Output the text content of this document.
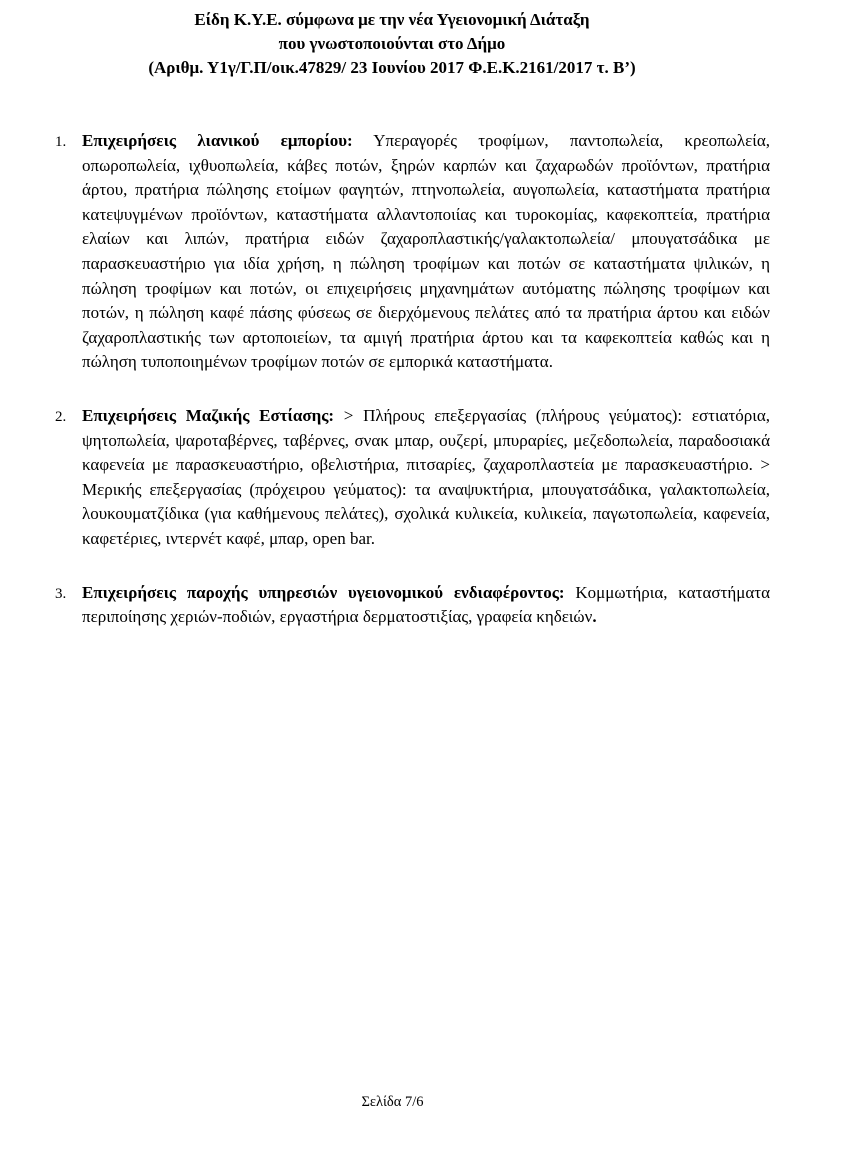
Είδη Κ.Υ.Ε. σύμφωνα με την νέα Υγειονομική Διάταξη
που γνωστοποιούνται στο Δήμο
(Αριθμ. Υ1γ/Γ.Π/οικ.47829/ 23 Ιουνίου 2017 Φ.Ε.Κ.2161/2017 τ. Β’)
1. Επιχειρήσεις λιανικού εμπορίου: Υπεραγορές τροφίμων, παντοπωλεία, κρεοπωλεία, οπωροπωλεία, ιχθυοπωλεία, κάβες ποτών, ξηρών καρπών και ζαχαρωδών προϊόντων, πρατήρια άρτου, πρατήρια πώλησης ετοίμων φαγητών, πτηνοπωλεία, αυγοπωλεία, καταστήματα πρατήρια κατεψυγμένων προϊόντων, καταστήματα αλλαντοποιίας και τυροκομίας, καφεκοπτεία, πρατήρια ελαίων και λιπών, πρατήρια ειδών ζαχαροπλαστικής/γαλακτοπωλεία/ μπουγατσάδικα με παρασκευαστήριο για ιδία χρήση, η πώληση τροφίμων και ποτών σε καταστήματα ψιλικών, η πώληση τροφίμων και ποτών, οι επιχειρήσεις μηχανημάτων αυτόματης πώλησης τροφίμων και ποτών, η πώληση καφέ πάσης φύσεως σε διερχόμενους πελάτες από τα πρατήρια άρτου και ειδών ζαχαροπλαστικής των αρτοποιείων, τα αμιγή πρατήρια άρτου και τα καφεκοπτεία καθώς και η πώληση τυποποιημένων τροφίμων ποτών σε εμπορικά καταστήματα.
2. Επιχειρήσεις Μαζικής Εστίασης: > Πλήρους επεξεργασίας (πλήρους γεύματος): εστιατόρια, ψητοπωλεία, ψαροταβέρνες, ταβέρνες, σνακ μπαρ, ουζερί, μπυραρίες, μεζεδοπωλεία, παραδοσιακά καφενεία με παρασκευαστήριο, οβελιστήρια, πιτσαρίες, ζαχαροπλαστεία με παρασκευαστήριο. > Μερικής επεξεργασίας (πρόχειρου γεύματος): τα αναψυκτήρια, μπουγατσάδικα, γαλακτοπωλεία, λουκουματζίδικα (για καθήμενους πελάτες), σχολικά κυλικεία, κυλικεία, παγωτοπωλεία, καφενεία, καφετέριες, ιντερνέτ καφέ, μπαρ, open bar.
3. Επιχειρήσεις παροχής υπηρεσιών υγειονομικού ενδιαφέροντος: Κομμωτήρια, καταστήματα περιποίησης χεριών-ποδιών, εργαστήρια δερματοστιξίας, γραφεία κηδειών.
Σελίδα 7/6
